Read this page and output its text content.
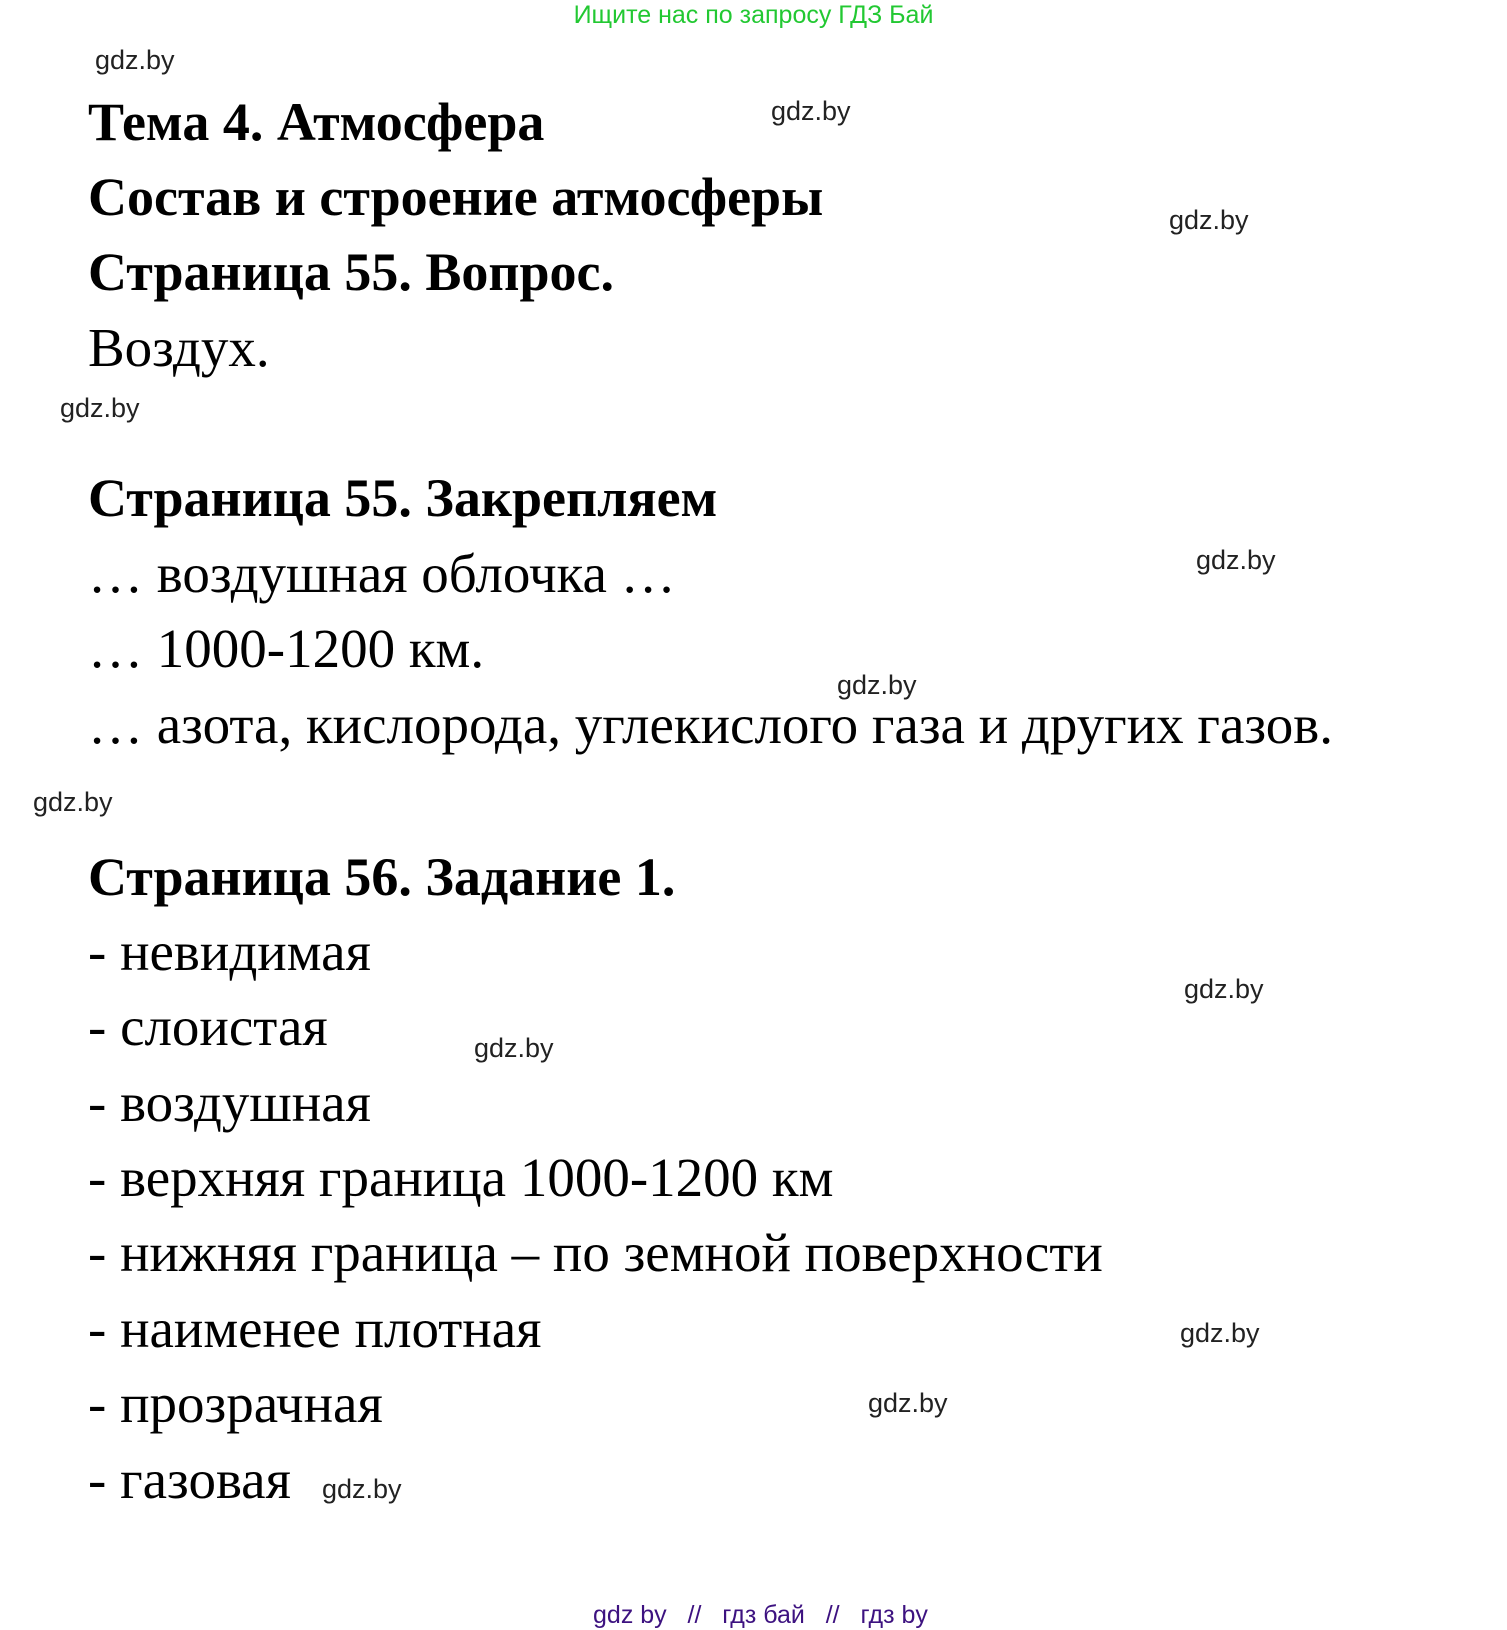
Ищите нас по запросу ГДЗ Бай
gdz.by
gdz.by
gdz.by
gdz.by
gdz.by
gdz.by
gdz.by
gdz.by
gdz.by
gdz.by
gdz.by
gdz.by
Тема 4. Атмосфера
Состав и строение атмосферы
Страница 55. Вопрос.
Воздух.
Страница 55. Закрепляем
… воздушная облочка …
… 1000-1200 км.
… азота, кислорода, углекислого газа и других газов.
Страница 56. Задание 1.
- невидимая
- слоистая
- воздушная
- верхняя граница 1000-1200 км
- нижняя граница – по земной поверхности
- наименее плотная
- прозрачная
- газовая

gdz by // гдз бай // гдз by
